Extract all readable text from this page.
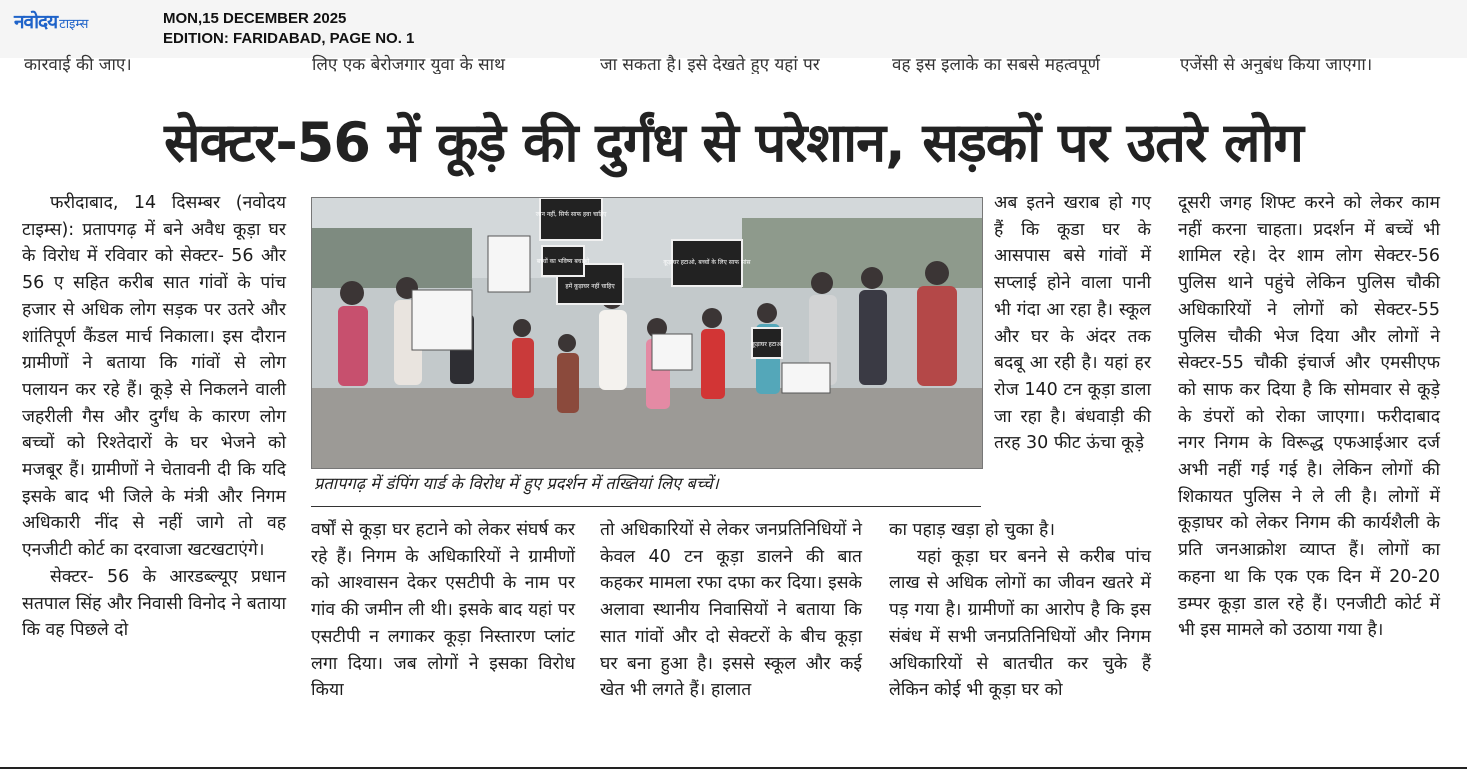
नवोदय टाइम्स	MON,15 DECEMBER 2025
EDITION: FARIDABAD, PAGE NO. 1
कारवाई की जाए।	लिए एक बेरोजगार युवा के साथ	जा सकता है। इसे देखते हुए यहां पर	वह इस इलाके का सबसे महत्वपूर्ण	एजेंसी से अनुबंध किया जाएगा।
सेक्टर-56 में कूड़े की दुर्गंध से परेशान, सड़कों पर उतरे लोग

फरीदाबाद, 14 दिसम्बर (नवोदय टाइम्स): प्रतापगढ़ में बने अवैध कूड़ा घर के विरोध में रविवार को सेक्टर- 56 और 56 ए सहित करीब सात गांवों के पांच हजार से अधिक लोग सड़क पर उतरे और शांतिपूर्ण कैंडल मार्च निकाला। इस दौरान ग्रामीणों ने बताया कि गांवों से लोग पलायन कर रहे हैं। कूड़े से निकलने वाली जहरीली गैस और दुर्गंध के कारण लोग बच्चों को रिश्तेदारों के घर भेजने को मजबूर हैं। ग्रामीणों ने चेतावनी दी कि यदि इसके बाद भी जिले के मंत्री और निगम अधिकारी नींद से नहीं जागे तो वह एनजीटी कोर्ट का दरवाजा खटखटाएंगे।

सेक्टर- 56 के आरडब्ल्यूए प्रधान सतपाल सिंह और निवासी विनोद ने बताया कि वह पिछले दो

जान नहीं, सिर्फ साफ हवा चाहिए
कूड़ाघर हटाओ, बच्चों के लिए साफ सांस
हमें कूड़ाघर नहीं चाहिए
बच्चों का भविष्य बचाओ
कूड़ाघर हटाओ
प्रतापगढ़ में डंपिंग यार्ड के विरोध में हुए प्रदर्शन में तख्तियां लिए बच्चें।

वर्षों से कूड़ा घर हटाने को लेकर संघर्ष कर रहे हैं। निगम के अधिकारियों ने ग्रामीणों को आश्वासन देकर एसटीपी के नाम पर गांव की जमीन ली थी। इसके बाद यहां पर एसटीपी न लगाकर कूड़ा निस्तारण प्लांट लगा दिया। जब लोगों ने इसका विरोध किया

तो अधिकारियों से लेकर जनप्रतिनिधियों ने केवल 40 टन कूड़ा डालने की बात कहकर मामला रफा दफा कर दिया। इसके अलावा स्थानीय निवासियों ने बताया कि सात गांवों और दो सेक्टरों के बीच कूड़ा घर बना हुआ है। इससे स्कूल और कई खेत भी लगते हैं। हालात

अब इतने खराब हो गए हैं कि कूडा घर के आसपास बसे गांवों में सप्लाई होने वाला पानी भी गंदा आ रहा है। स्कूल और घर के अंदर तक बदबू आ रही है। यहां हर रोज 140 टन कूड़ा डाला जा रहा है। बंधवाड़ी की तरह 30 फीट ऊंचा कूड़े

का पहाड़ खड़ा हो चुका है।

यहां कूड़ा घर बनने से करीब पांच लाख से अधिक लोगों का जीवन खतरे में पड़ गया है। ग्रामीणों का आरोप है कि इस संबंध में सभी जनप्रतिनिधियों और निगम अधिकारियों से बातचीत कर चुके हैं लेकिन कोई भी कूड़ा घर को

दूसरी जगह शिफ्ट करने को लेकर काम नहीं करना चाहता। प्रदर्शन में बच्चें भी शामिल रहे। देर शाम लोग सेक्टर-56 पुलिस थाने पहुंचे लेकिन पुलिस चौकी अधिकारियों ने लोगों को सेक्टर-55 पुलिस चौकी भेज दिया और लोगों ने सेक्टर-55 चौकी इंचार्ज और एमसीएफ को साफ कर दिया है कि सोमवार से कूड़े के डंपरों को रोका जाएगा। फरीदाबाद नगर निगम के विरूद्ध एफआईआर दर्ज अभी नहीं गई गई है। लेकिन लोगों की शिकायत पुलिस ने ले ली है। लोगों में कूड़ाघर को लेकर निगम की कार्यशैली के प्रति जनआक्रोश व्याप्त हैं। लोगों का कहना था कि एक एक दिन में 20-20 डम्पर कूड़ा डाल रहे हैं। एनजीटी कोर्ट में भी इस मामले को उठाया गया है।
